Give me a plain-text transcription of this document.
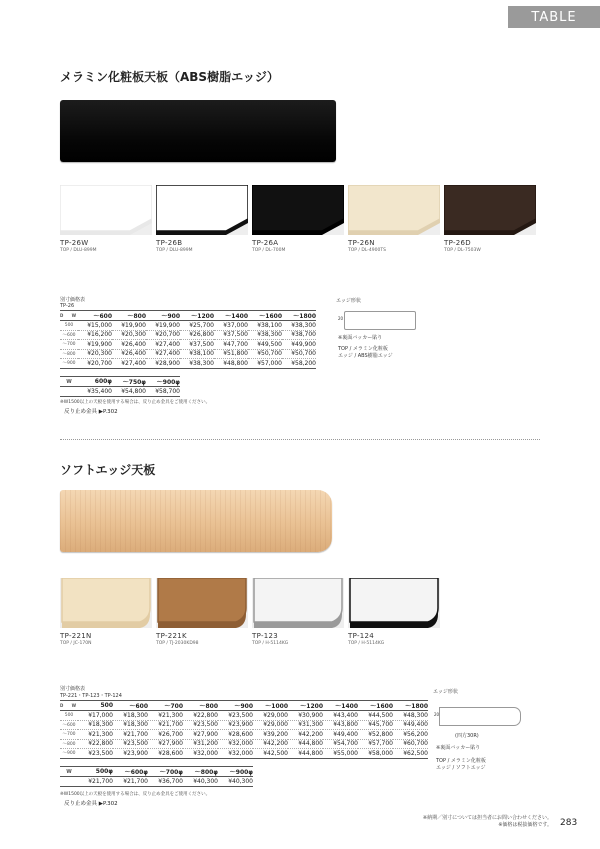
TABLE
メラミン化粧板天板（ABS樹脂エッジ）
TP-26W
TOP / DLU-899M
TP-26B
TOP / DLU-899M
TP-26A
TOP / DL-700M
TP-26N
TOP / DL-4900TS
TP-26D
TOP / DL-7503W
別寸価格表
TP-26
D W	～600	～800	～900	～1200	～1400	～1600	～1800
500	¥15,000	¥19,900	¥19,900	¥25,700	¥37,000	¥38,100	¥38,300
～600	¥16,200	¥20,300	¥20,700	¥26,800	¥37,500	¥38,300	¥38,700
～700	¥19,900	¥26,400	¥27,400	¥37,500	¥47,700	¥49,500	¥49,900
～800	¥20,300	¥26,400	¥27,400	¥38,100	¥51,800	¥50,700	¥50,700
～900	¥20,700	¥27,400	¥28,900	¥38,300	¥48,800	¥57,000	¥58,200
W	600φ	～750φ	～900φ
	¥35,400	¥54,800	¥58,700
※W1500以上の天板を使用する場合は、反り止め金具をご使用ください。
反り止め金具 ▶P.302
エッジ形状
20
※裏面バッカー貼り
TOP / メラミン化粧板
エッジ / ABS樹脂エッジ
ソフトエッジ天板
TP-221N
TOP / JC-170N
TP-221K
TOP / TJ-2030KD98
TP-123
TOP / H-5114KG
TP-124
TOP / H-5114KG
別寸価格表
TP-221・TP-123・TP-124
D W	500	～600	～700	～800	～900	～1000	～1200	～1400	～1600	～1800
500	¥17,000	¥18,300	¥21,300	¥22,800	¥23,500	¥29,000	¥30,900	¥43,400	¥44,500	¥48,300
～600	¥18,300	¥18,300	¥21,700	¥23,500	¥23,900	¥29,000	¥31,300	¥43,800	¥45,700	¥49,400
～700	¥21,300	¥21,700	¥26,700	¥27,900	¥28,600	¥39,200	¥42,200	¥49,400	¥52,800	¥56,200
～800	¥22,800	¥23,500	¥27,900	¥31,200	¥32,000	¥42,200	¥44,800	¥54,700	¥57,700	¥60,700
～900	¥23,500	¥23,900	¥28,600	¥32,000	¥32,000	¥42,500	¥44,800	¥55,000	¥58,000	¥62,500
W	500φ	～600φ	～700φ	～800φ	～900φ
	¥21,700	¥21,700	¥36,700	¥40,300	¥40,300
※W1500以上の天板を使用する場合は、反り止め金具をご使用ください。
反り止め金具 ▶P.302
エッジ形状
20
(四方30R)
※裏面バッカー貼り
TOP / メラミン化粧板
エッジ / ソフトエッジ
※納期／別寸については担当者にお問い合わせください。
※価格は税抜価格です。 283
